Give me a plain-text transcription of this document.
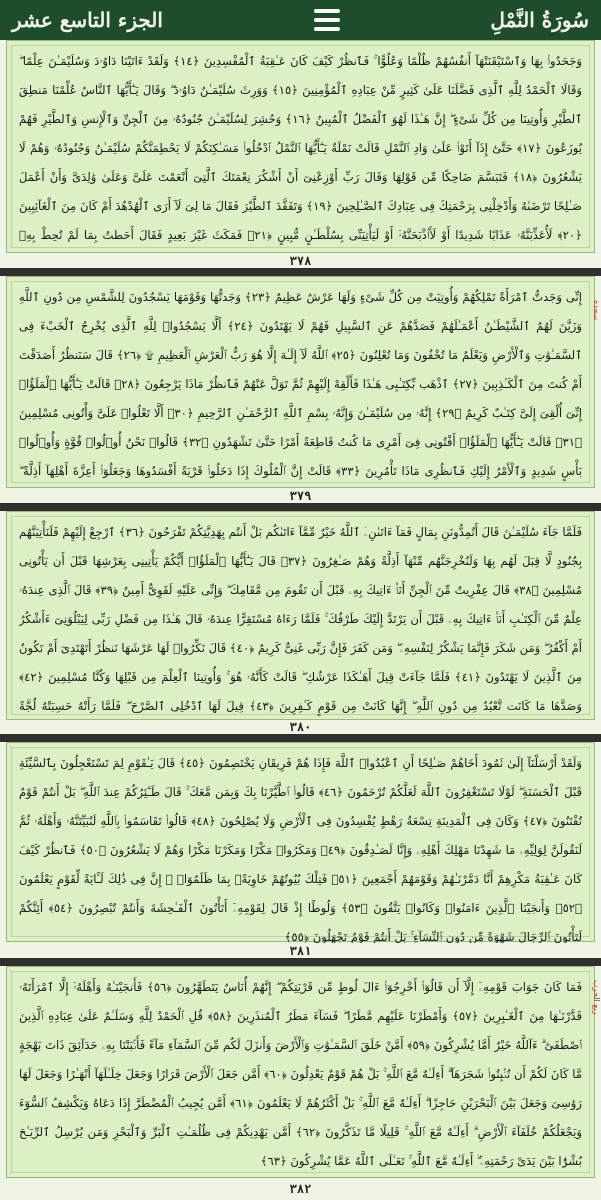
الجزء التاسع عشر	سُورَةُ النَّمْلِ
وَجَحَدُوا۟ بِهَا وَٱسْتَيْقَنَتْهَآ أَنفُسُهُمْ ظُلْمًا وَعُلُوًّا ۚ فَٱنظُرْ كَيْفَ كَانَ عَـٰقِبَةُ ٱلْمُفْسِدِينَ ﴿١٤﴾ وَلَقَدْ ءَاتَيْنَا دَاوُۥدَ وَسُلَيْمَـٰنَ عِلْمًا ۖ وَقَالَا ٱلْحَمْدُ لِلَّهِ ٱلَّذِى فَضَّلَنَا عَلَىٰ كَثِيرٍ مِّنْ عِبَادِهِ ٱلْمُؤْمِنِينَ ﴿١٥﴾ وَوَرِثَ سُلَيْمَـٰنُ دَاوُۥدَ ۖ وَقَالَ يَـٰٓأَيُّهَا ٱلنَّاسُ عُلِّمْنَا مَنطِقَ ٱلطَّيْرِ وَأُوتِينَا مِن كُلِّ شَىْءٍ ۖ إِنَّ هَـٰذَا لَهُوَ ٱلْفَضْلُ ٱلْمُبِينُ ﴿١٦﴾ وَحُشِرَ لِسُلَيْمَـٰنَ جُنُودُهُۥ مِنَ ٱلْجِنِّ وَٱلْإِنسِ وَٱلطَّيْرِ فَهُمْ يُوزَعُونَ ﴿١٧﴾ حَتَّىٰٓ إِذَآ أَتَوْا۟ عَلَىٰ وَادِ ٱلنَّمْلِ قَالَتْ نَمْلَةٌ يَـٰٓأَيُّهَا ٱلنَّمْلُ ٱدْخُلُوا۟ مَسَـٰكِنَكُمْ لَا يَحْطِمَنَّكُمْ سُلَيْمَـٰنُ وَجُنُودُهُۥ وَهُمْ لَا يَشْعُرُونَ ﴿١٨﴾ فَتَبَسَّمَ ضَاحِكًا مِّن قَوْلِهَا وَقَالَ رَبِّ أَوْزِعْنِىٓ أَنْ أَشْكُرَ نِعْمَتَكَ ٱلَّتِىٓ أَنْعَمْتَ عَلَىَّ وَعَلَىٰ وَٰلِدَىَّ وَأَنْ أَعْمَلَ صَـٰلِحًا تَرْضَىٰهُ وَأَدْخِلْنِى بِرَحْمَتِكَ فِى عِبَادِكَ ٱلصَّـٰلِحِينَ ﴿١٩﴾ وَتَفَقَّدَ ٱلطَّيْرَ فَقَالَ مَا لِىَ لَآ أَرَى ٱلْهُدْهُدَ أَمْ كَانَ مِنَ ٱلْغَآئِبِينَ ﴿٢٠﴾ لَأُعَذِّبَنَّهُۥ عَذَابًا شَدِيدًا أَوْ لَأَا۟ذْبَحَنَّهُۥٓ أَوْ لَيَأْتِيَنِّى بِسُلْطَـٰنٍ مُّبِينٍ ﴿٢١﴾ فَمَكَثَ غَيْرَ بَعِيدٍ فَقَالَ أَحَطتُ بِمَا لَمْ تُحِطْ بِهِۦ
٣٧٨
إِنِّى وَجَدتُّ ٱمْرَأَةً تَمْلِكُهُمْ وَأُوتِيَتْ مِن كُلِّ شَىْءٍ وَلَهَا عَرْشٌ عَظِيمٌ ﴿٢٣﴾ وَجَدتُّهَا وَقَوْمَهَا يَسْجُدُونَ لِلشَّمْسِ مِن دُونِ ٱللَّهِ وَزَيَّنَ لَهُمُ ٱلشَّيْطَـٰنُ أَعْمَـٰلَهُمْ فَصَدَّهُمْ عَنِ ٱلسَّبِيلِ فَهُمْ لَا يَهْتَدُونَ ﴿٢٤﴾ أَلَّا يَسْجُدُوا۟ لِلَّهِ ٱلَّذِى يُخْرِجُ ٱلْخَبْءَ فِى ٱلسَّمَـٰوَٰتِ وَٱلْأَرْضِ وَيَعْلَمُ مَا تُخْفُونَ وَمَا تُعْلِنُونَ ﴿٢٥﴾ ٱللَّهُ لَآ إِلَـٰهَ إِلَّا هُوَ رَبُّ ٱلْعَرْشِ ٱلْعَظِيمِ ۩ ﴿٢٦﴾ قَالَ سَنَنظُرُ أَصَدَقْتَ أَمْ كُنتَ مِنَ ٱلْكَـٰذِبِينَ ﴿٢٧﴾ ٱذْهَب بِّكِتَـٰبِى هَـٰذَا فَأَلْقِهْ إِلَيْهِمْ ثُمَّ تَوَلَّ عَنْهُمْ فَٱنظُرْ مَاذَا يَرْجِعُونَ ﴿٢٨﴾ قَالَتْ يَـٰٓأَيُّهَا ٱلْمَلَؤُا۟ إِنِّىٓ أُلْقِىَ إِلَىَّ كِتَـٰبٌ كَرِيمٌ ﴿٢٩﴾ إِنَّهُۥ مِن سُلَيْمَـٰنَ وَإِنَّهُۥ بِسْمِ ٱللَّهِ ٱلرَّحْمَـٰنِ ٱلرَّحِيمِ ﴿٣٠﴾ أَلَّا تَعْلُوا۟ عَلَىَّ وَأْتُونِى مُسْلِمِينَ ﴿٣١﴾ قَالَتْ يَـٰٓأَيُّهَا ٱلْمَلَؤُا۟ أَفْتُونِى فِىٓ أَمْرِى مَا كُنتُ قَاطِعَةً أَمْرًا حَتَّىٰ تَشْهَدُونِ ﴿٣٢﴾ قَالُوا۟ نَحْنُ أُو۟لُوا۟ قُوَّةٍ وَأُو۟لُوا۟ بَأْسٍ شَدِيدٍ وَٱلْأَمْرُ إِلَيْكِ فَٱنظُرِى مَاذَا تَأْمُرِينَ ﴿٣٣﴾ قَالَتْ إِنَّ ٱلْمُلُوكَ إِذَا دَخَلُوا۟ قَرْيَةً أَفْسَدُوهَا وَجَعَلُوٓا۟ أَعِزَّةَ أَهْلِهَآ أَذِلَّةً ۖ
سجدة
٣٧٩
فَلَمَّا جَآءَ سُلَيْمَـٰنَ قَالَ أَتُمِدُّونَنِ بِمَالٍ فَمَآ ءَاتَىٰنِۦَ ٱللَّهُ خَيْرٌ مِّمَّآ ءَاتَىٰكُم بَلْ أَنتُم بِهَدِيَّتِكُمْ تَفْرَحُونَ ﴿٣٦﴾ ٱرْجِعْ إِلَيْهِمْ فَلَنَأْتِيَنَّهُم بِجُنُودٍ لَّا قِبَلَ لَهُم بِهَا وَلَنُخْرِجَنَّهُم مِّنْهَآ أَذِلَّةً وَهُمْ صَـٰغِرُونَ ﴿٣٧﴾ قَالَ يَـٰٓأَيُّهَا ٱلْمَلَؤُا۟ أَيُّكُمْ يَأْتِينِى بِعَرْشِهَا قَبْلَ أَن يَأْتُونِى مُسْلِمِينَ ﴿٣٨﴾ قَالَ عِفْرِيتٌ مِّنَ ٱلْجِنِّ أَنَا۠ ءَاتِيكَ بِهِۦ قَبْلَ أَن تَقُومَ مِن مَّقَامِكَ ۖ وَإِنِّى عَلَيْهِ لَقَوِىٌّ أَمِينٌ ﴿٣٩﴾ قَالَ ٱلَّذِى عِندَهُۥ عِلْمٌ مِّنَ ٱلْكِتَـٰبِ أَنَا۠ ءَاتِيكَ بِهِۦ قَبْلَ أَن يَرْتَدَّ إِلَيْكَ طَرْفُكَ ۚ فَلَمَّا رَءَاهُ مُسْتَقِرًّا عِندَهُۥ قَالَ هَـٰذَا مِن فَضْلِ رَبِّى لِيَبْلُوَنِىٓ ءَأَشْكُرُ أَمْ أَكْفُرُ ۖ وَمَن شَكَرَ فَإِنَّمَا يَشْكُرُ لِنَفْسِهِۦ ۖ وَمَن كَفَرَ فَإِنَّ رَبِّى غَنِىٌّ كَرِيمٌ ﴿٤٠﴾ قَالَ نَكِّرُوا۟ لَهَا عَرْشَهَا نَنظُرْ أَتَهْتَدِىٓ أَمْ تَكُونُ مِنَ ٱلَّذِينَ لَا يَهْتَدُونَ ﴿٤١﴾ فَلَمَّا جَآءَتْ قِيلَ أَهَـٰكَذَا عَرْشُكِ ۖ قَالَتْ كَأَنَّهُۥ هُوَ ۚ وَأُوتِينَا ٱلْعِلْمَ مِن قَبْلِهَا وَكُنَّا مُسْلِمِينَ ﴿٤٢﴾ وَصَدَّهَا مَا كَانَت تَّعْبُدُ مِن دُونِ ٱللَّهِ ۖ إِنَّهَا كَانَتْ مِن قَوْمٍ كَـٰفِرِينَ ﴿٤٣﴾ قِيلَ لَهَا ٱدْخُلِى ٱلصَّرْحَ ۖ فَلَمَّا رَأَتْهُ حَسِبَتْهُ لُجَّةً
٣٨٠
وَلَقَدْ أَرْسَلْنَآ إِلَىٰ ثَمُودَ أَخَاهُمْ صَـٰلِحًا أَنِ ٱعْبُدُوا۟ ٱللَّهَ فَإِذَا هُمْ فَرِيقَانِ يَخْتَصِمُونَ ﴿٤٥﴾ قَالَ يَـٰقَوْمِ لِمَ تَسْتَعْجِلُونَ بِٱلسَّيِّئَةِ قَبْلَ ٱلْحَسَنَةِ ۖ لَوْلَا تَسْتَغْفِرُونَ ٱللَّهَ لَعَلَّكُمْ تُرْحَمُونَ ﴿٤٦﴾ قَالُوا۟ ٱطَّيَّرْنَا بِكَ وَبِمَن مَّعَكَ ۚ قَالَ طَـٰٓئِرُكُمْ عِندَ ٱللَّهِ ۖ بَلْ أَنتُمْ قَوْمٌ تُفْتَنُونَ ﴿٤٧﴾ وَكَانَ فِى ٱلْمَدِينَةِ تِسْعَةُ رَهْطٍ يُفْسِدُونَ فِى ٱلْأَرْضِ وَلَا يُصْلِحُونَ ﴿٤٨﴾ قَالُوا۟ تَقَاسَمُوا۟ بِٱللَّهِ لَنُبَيِّتَنَّهُۥ وَأَهْلَهُۥ ثُمَّ لَنَقُولَنَّ لِوَلِيِّهِۦ مَا شَهِدْنَا مَهْلِكَ أَهْلِهِۦ وَإِنَّا لَصَـٰدِقُونَ ﴿٤٩﴾ وَمَكَرُوا۟ مَكْرًا وَمَكَرْنَا مَكْرًا وَهُمْ لَا يَشْعُرُونَ ﴿٥٠﴾ فَٱنظُرْ كَيْفَ كَانَ عَـٰقِبَةُ مَكْرِهِمْ أَنَّا دَمَّرْنَـٰهُمْ وَقَوْمَهُمْ أَجْمَعِينَ ﴿٥١﴾ فَتِلْكَ بُيُوتُهُمْ خَاوِيَةًۢ بِمَا ظَلَمُوٓا۟ ۗ إِنَّ فِى ذَٰلِكَ لَـَٔايَةً لِّقَوْمٍ يَعْلَمُونَ ﴿٥٢﴾ وَأَنجَيْنَا ٱلَّذِينَ ءَامَنُوا۟ وَكَانُوا۟ يَتَّقُونَ ﴿٥٣﴾ وَلُوطًا إِذْ قَالَ لِقَوْمِهِۦٓ أَتَأْتُونَ ٱلْفَـٰحِشَةَ وَأَنتُمْ تُبْصِرُونَ ﴿٥٤﴾ أَئِنَّكُمْ لَتَأْتُونَ ٱلرِّجَالَ شَهْوَةً مِّن دُونِ ٱلنِّسَآءِ ۚ بَلْ أَنتُمْ قَوْمٌ تَجْهَلُونَ ﴿٥٥﴾
٣٨١
فَمَا كَانَ جَوَابَ قَوْمِهِۦٓ إِلَّآ أَن قَالُوٓا۟ أَخْرِجُوٓا۟ ءَالَ لُوطٍ مِّن قَرْيَتِكُمْ ۖ إِنَّهُمْ أُنَاسٌ يَتَطَهَّرُونَ ﴿٥٦﴾ فَأَنجَيْنَـٰهُ وَأَهْلَهُۥٓ إِلَّا ٱمْرَأَتَهُۥ قَدَّرْنَـٰهَا مِنَ ٱلْغَـٰبِرِينَ ﴿٥٧﴾ وَأَمْطَرْنَا عَلَيْهِم مَّطَرًا ۖ فَسَآءَ مَطَرُ ٱلْمُنذَرِينَ ﴿٥٨﴾ قُلِ ٱلْحَمْدُ لِلَّهِ وَسَلَـٰمٌ عَلَىٰ عِبَادِهِ ٱلَّذِينَ ٱصْطَفَىٰٓ ۗ ءَآللَّهُ خَيْرٌ أَمَّا يُشْرِكُونَ ﴿٥٩﴾ أَمَّنْ خَلَقَ ٱلسَّمَـٰوَٰتِ وَٱلْأَرْضَ وَأَنزَلَ لَكُم مِّنَ ٱلسَّمَآءِ مَآءً فَأَنۢبَتْنَا بِهِۦ حَدَآئِقَ ذَاتَ بَهْجَةٍ مَّا كَانَ لَكُمْ أَن تُنۢبِتُوا۟ شَجَرَهَآ ۗ أَءِلَـٰهٌ مَّعَ ٱللَّهِ ۚ بَلْ هُمْ قَوْمٌ يَعْدِلُونَ ﴿٦٠﴾ أَمَّن جَعَلَ ٱلْأَرْضَ قَرَارًا وَجَعَلَ خِلَـٰلَهَآ أَنْهَـٰرًا وَجَعَلَ لَهَا رَوَٰسِىَ وَجَعَلَ بَيْنَ ٱلْبَحْرَيْنِ حَاجِزًا ۗ أَءِلَـٰهٌ مَّعَ ٱللَّهِ ۚ بَلْ أَكْثَرُهُمْ لَا يَعْلَمُونَ ﴿٦١﴾ أَمَّن يُجِيبُ ٱلْمُضْطَرَّ إِذَا دَعَاهُ وَيَكْشِفُ ٱلسُّوٓءَ وَيَجْعَلُكُمْ خُلَفَآءَ ٱلْأَرْضِ ۗ أَءِلَـٰهٌ مَّعَ ٱللَّهِ ۚ قَلِيلًا مَّا تَذَكَّرُونَ ﴿٦٢﴾ أَمَّن يَهْدِيكُمْ فِى ظُلُمَـٰتِ ٱلْبَرِّ وَٱلْبَحْرِ وَمَن يُرْسِلُ ٱلرِّيَـٰحَ بُشْرًۢا بَيْنَ يَدَىْ رَحْمَتِهِۦٓ ۗ أَءِلَـٰهٌ مَّعَ ٱللَّهِ ۚ تَعَـٰلَى ٱللَّهُ عَمَّا يُشْرِكُونَ ﴿٦٣﴾
ربع الحزب
٣٨٢
